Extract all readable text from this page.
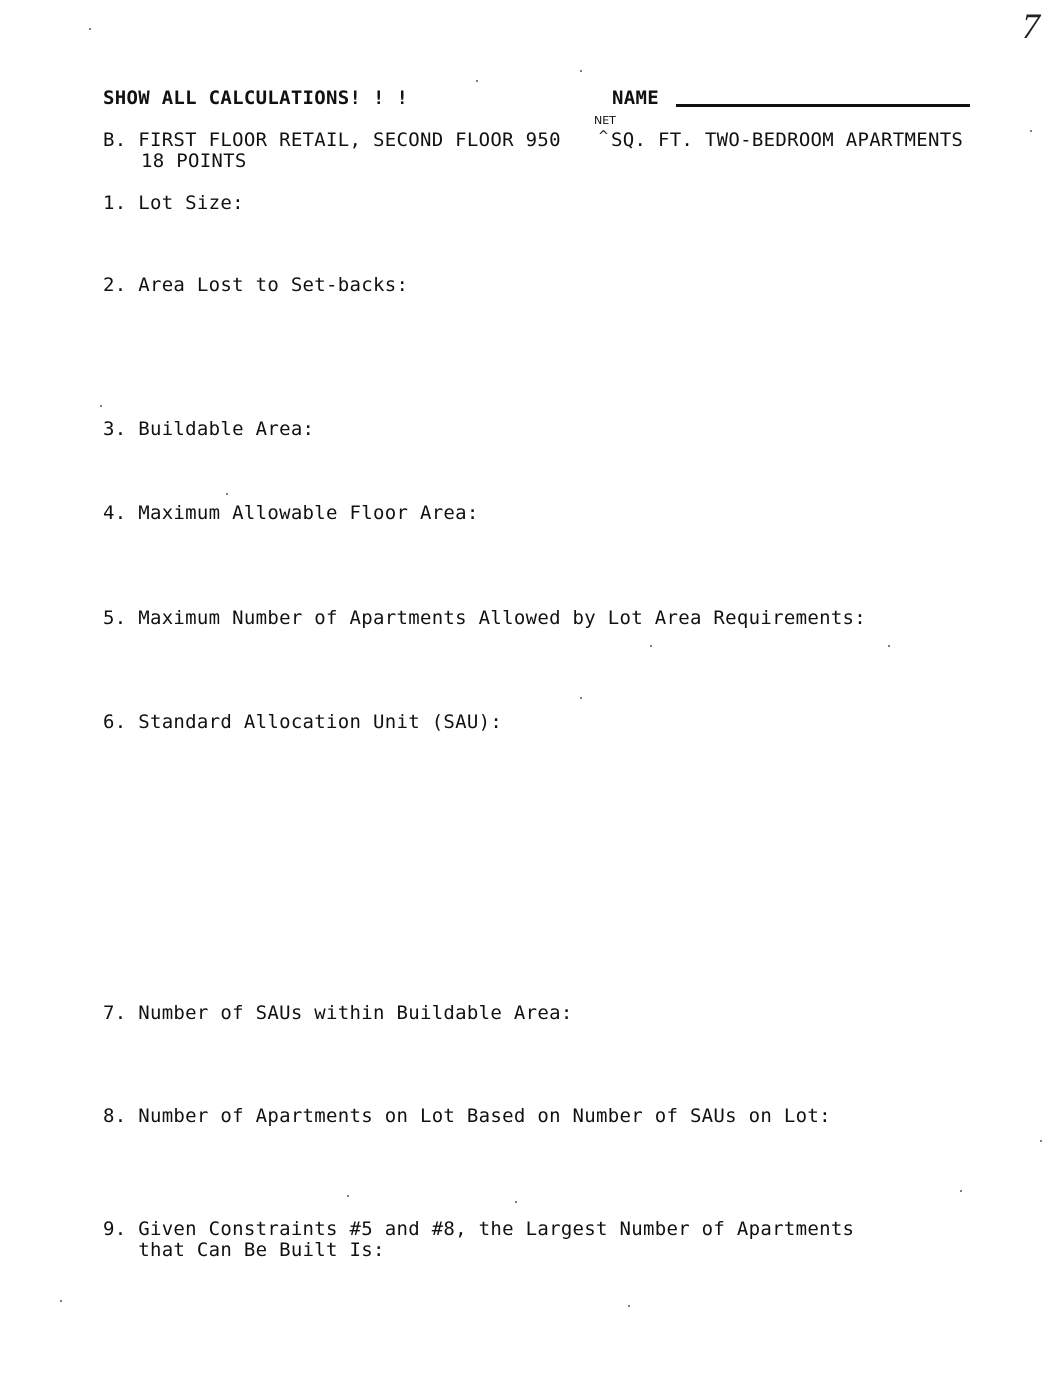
7
SHOW ALL CALCULATIONS! ! !	NAME
NET
^
B. FIRST FLOOR RETAIL, SECOND FLOOR 950	SQ. FT. TWO-BEDROOM APARTMENTS
18 POINTS
1. Lot Size:
2. Area Lost to Set-backs:
3. Buildable Area:
4. Maximum Allowable Floor Area:
5. Maximum Number of Apartments Allowed by Lot Area Requirements:
6. Standard Allocation Unit (SAU):
7. Number of SAUs within Buildable Area:
8. Number of Apartments on Lot Based on Number of SAUs on Lot:
9. Given Constraints #5 and #8, the Largest Number of Apartments
that Can Be Built Is:
